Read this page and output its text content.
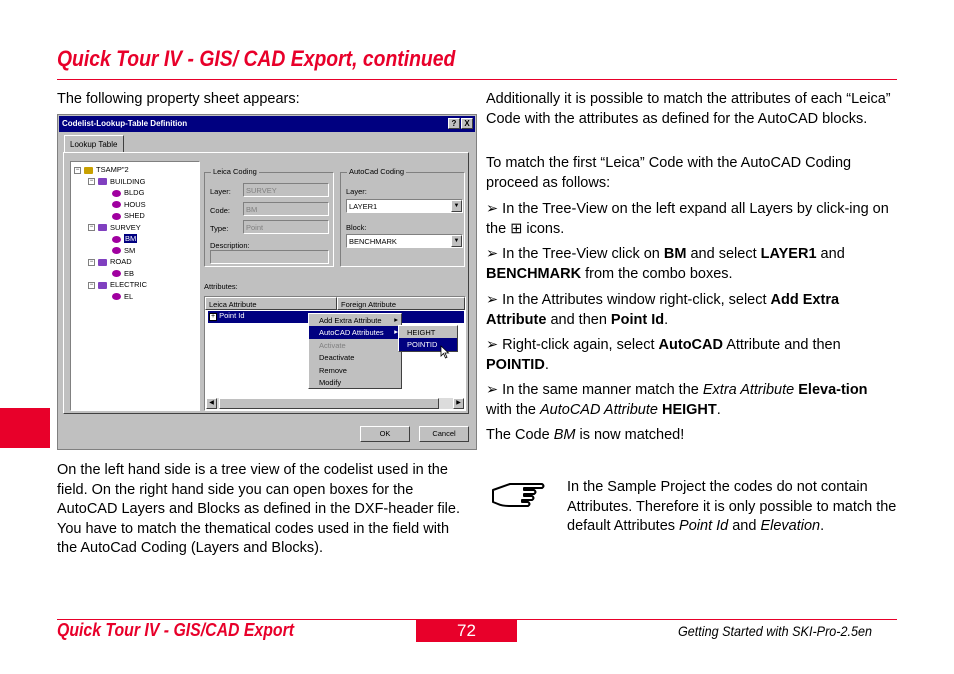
Quick Tour IV - GIS/ CAD Export, continued
The following property sheet appears:
Codelist-Lookup-Table Definition	? X
Lookup Table
− TSAMP"2
− BUILDING
BLDG
HOUS
SHED
− SURVEY
BM
SM
− ROAD
EB
− ELECTRIC
EL
Leica Coding
Layer:	SURVEY
Code:	BM
Type:	Point
Description:
AutoCad Coding
Layer:
LAYER1	▼
Block:
BENCHMARK	▼
Attributes:
Leica Attribute	Foreign Attribute
+ Point Id
◀	▶
Add Extra Attribute ▸
AutoCAD Attributes ▸
Activate
Deactivate
Remove
Modify
HEIGHT
POINTID
OK	Cancel
On the left hand side is a tree view of the codelist used in the field. On the right hand side you can open boxes for the AutoCAD Layers and Blocks as defined in the DXF-header file. You have to match the thematical codes used in the field with the AutoCad Coding (Layers and Blocks).
Additionally it is possible to match the attributes of each “Leica” Code with the attributes as defined for the AutoCAD blocks.
To match the first “Leica” Code with the AutoCAD Coding proceed as follows:
➢ In the Tree-View on the left expand all Layers by click-ing on the ⊞ icons.
➢ In the Tree-View click on BM and select LAYER1 and BENCHMARK from the combo boxes.
➢ In the Attributes window right-click, select Add Extra Attribute and then Point Id.
➢ Right-click again, select AutoCAD Attribute and then POINTID.
➢ In the same manner match the Extra Attribute Eleva-tion with the AutoCAD Attribute HEIGHT.
The Code BM is now matched!
In the Sample Project the codes do not contain Attributes. Therefore it is only possible to match the default Attributes Point Id and Elevation.
Quick Tour IV - GIS/CAD Export	72	Getting Started with SKI-Pro-2.5en
